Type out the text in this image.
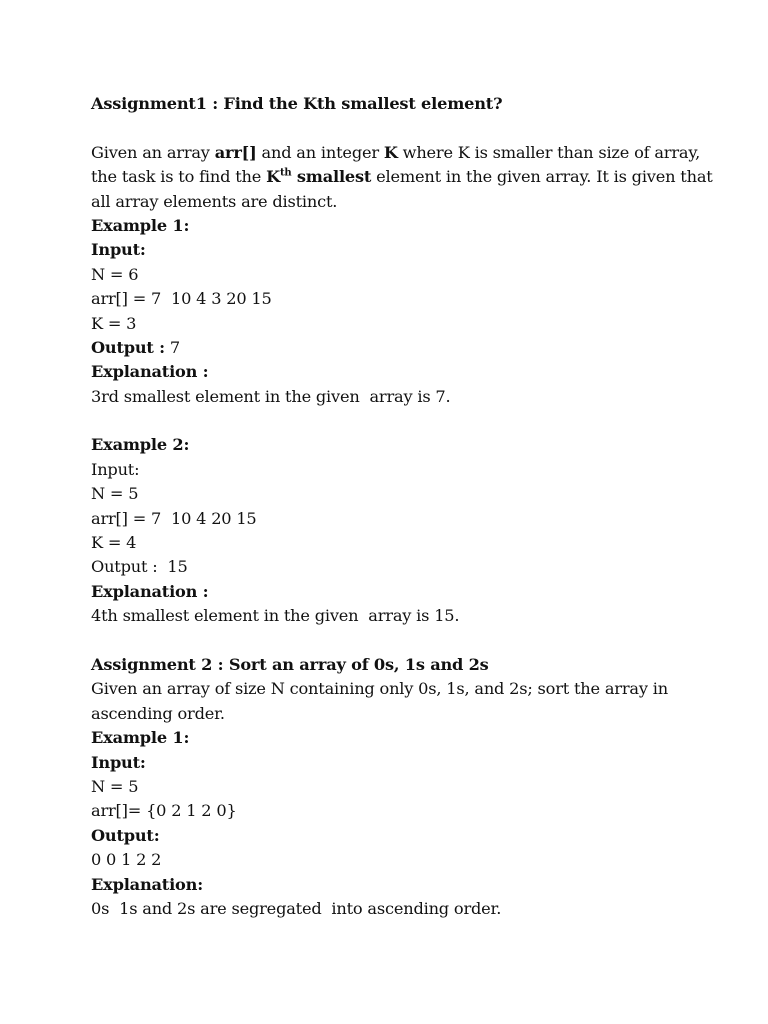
Assignment1 : Find the Kth smallest element?
Given an array arr[] and an integer K where K is smaller than size of array,
the task is to find the $K^{th}$ smallest element in the given array. It is given that
all array elements are distinct.
Example 1:
Input:
N = 6
arr[] = 7  10 4 3 20 15
K = 3
Output : 7
Explanation :
3rd smallest element in the given  array is 7.
Example 2:
Input:
N = 5
arr[] = 7  10 4 20 15
K = 4
Output :  15
Explanation :
4th smallest element in the given  array is 15.
Assignment 2 : Sort an array of 0s, 1s and 2s
Given an array of size N containing only 0s, 1s, and 2s; sort the array in
ascending order.
Example 1:
Input:
N = 5
arr[]= {0 2 1 2 0}
Output:
0 0 1 2 2
Explanation:
0s  1s and 2s are segregated  into ascending order.
